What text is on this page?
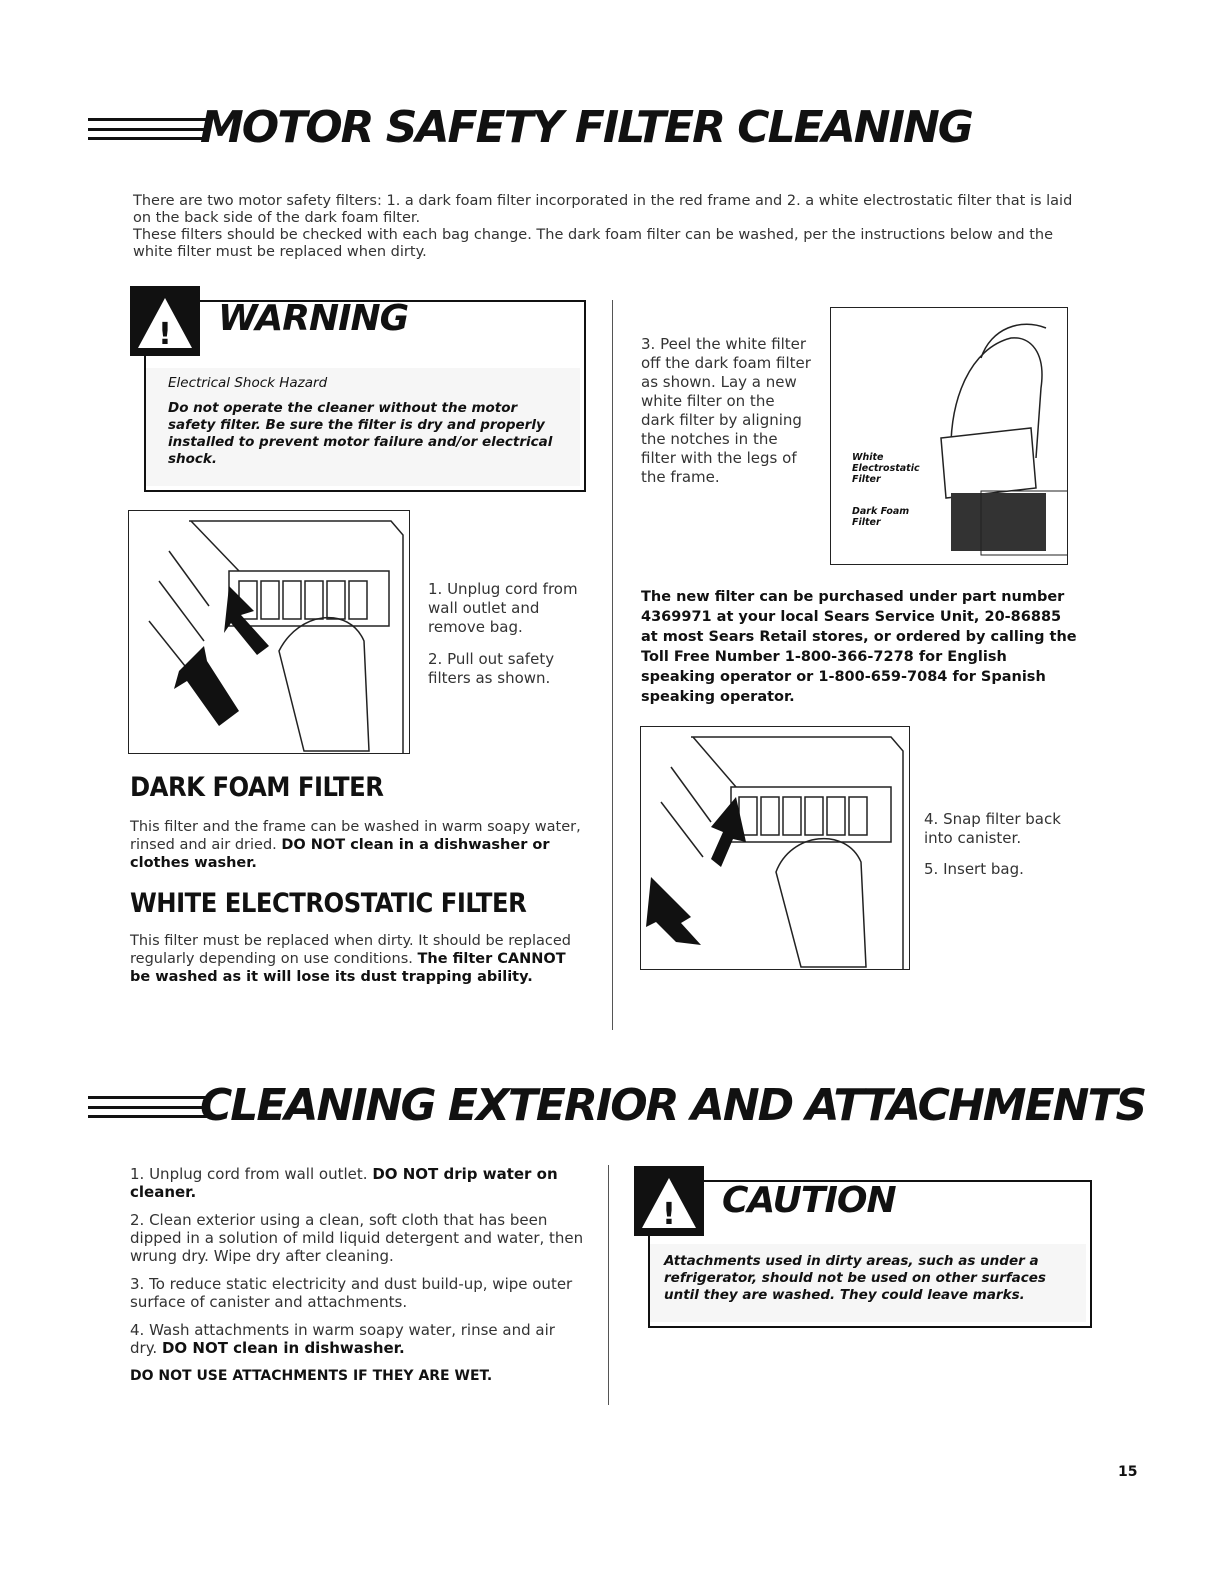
MOTOR SAFETY FILTER CLEANING
There are two motor safety filters: 1. a dark foam filter incorporated in the red frame and 2. a white electrostatic filter that is laid on the back side of the dark foam filter.
These filters should be checked with each bag change. The dark foam filter can be washed, per the instructions below and the white filter must be replaced when dirty.
! WARNING
Electrical Shock Hazard
Do not operate the cleaner without the motor safety filter. Be sure the filter is dry and properly installed to prevent motor failure and/or electrical shock.
1. Unplug cord from wall outlet and remove bag.
2. Pull out safety filters as shown.
DARK FOAM FILTER
This filter and the frame can be washed in warm soapy water, rinsed and air dried. DO NOT clean in a dishwasher or clothes washer.
WHITE ELECTROSTATIC FILTER
This filter must be replaced when dirty. It should be replaced regularly depending on use conditions. The filter CANNOT be washed as it will lose its dust trapping ability.
3. Peel the white filter off the dark foam filter as shown. Lay a new white filter on the dark filter by aligning the notches in the filter with the legs of the frame.
White
Electrostatic
Filter
Dark Foam
Filter
The new filter can be purchased under part number 4369971 at your local Sears Service Unit, 20-86885 at most Sears Retail stores, or ordered by calling the Toll Free Number 1-800-366-7278 for English speaking operator or 1-800-659-7084 for Spanish speaking operator.
4. Snap filter back into canister.
5. Insert bag.
CLEANING EXTERIOR AND ATTACHMENTS
1. Unplug cord from wall outlet. DO NOT drip water on cleaner.
2. Clean exterior using a clean, soft cloth that has been dipped in a solution of mild liquid detergent and water, then wrung dry. Wipe dry after cleaning.
3. To reduce static electricity and dust build-up, wipe outer surface of canister and attachments.
4. Wash attachments in warm soapy water, rinse and air dry. DO NOT clean in dishwasher.
DO NOT USE ATTACHMENTS IF THEY ARE WET.
! CAUTION
Attachments used in dirty areas, such as under a refrigerator, should not be used on other surfaces until they are washed. They could leave marks.
15
